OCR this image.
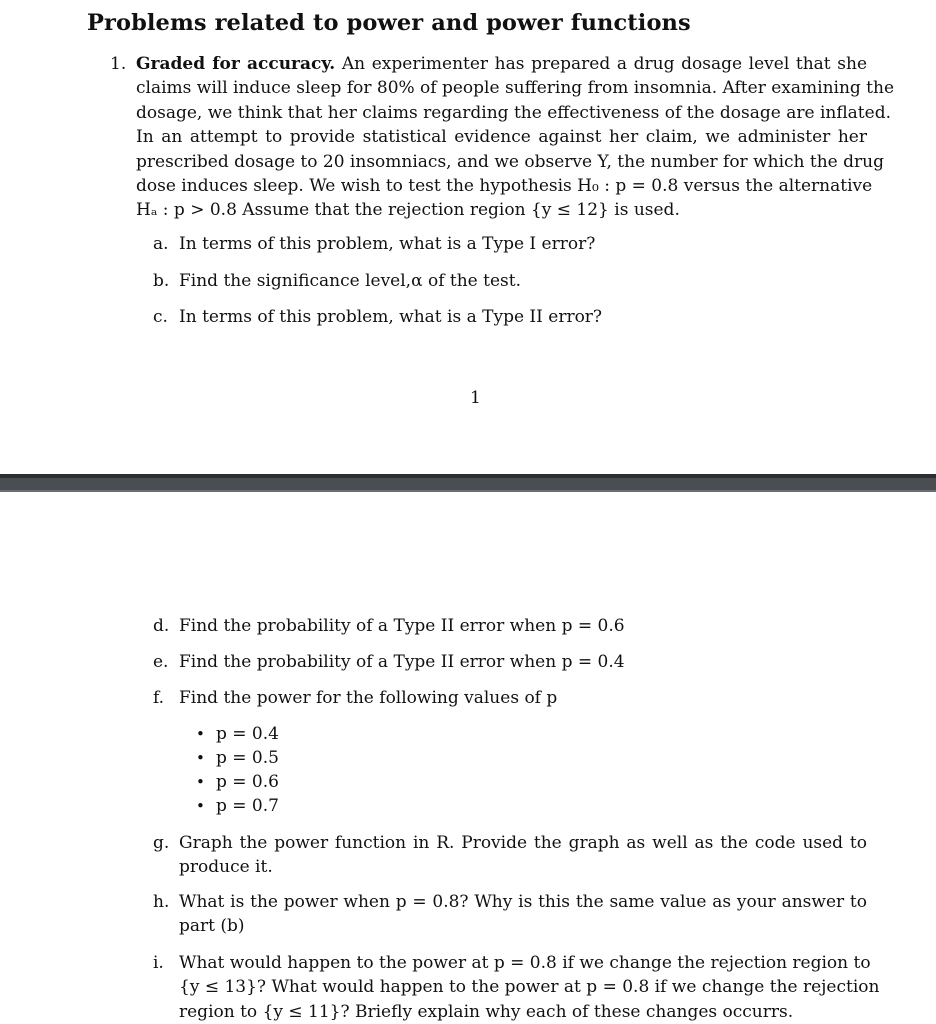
Problems related to power and power functions
1. Graded for accuracy. An experimenter has prepared a drug dosage level that she
claims will induce sleep for 80% of people suffering from insomnia. After examining the
dosage, we think that her claims regarding the effectiveness of the dosage are inflated.
In an attempt to provide statistical evidence against her claim, we administer her
prescribed dosage to 20 insomniacs, and we observe Y, the number for which the drug
dose induces sleep. We wish to test the hypothesis H₀ : p = 0.8 versus the alternative
Hₐ : p > 0.8 Assume that the rejection region {y ≤ 12} is used.
a. In terms of this problem, what is a Type I error?
b. Find the significance level,α of the test.
c. In terms of this problem, what is a Type II error?
1
d. Find the probability of a Type II error when p = 0.6
e. Find the probability of a Type II error when p = 0.4
f. Find the power for the following values of p
• p = 0.4
• p = 0.5
• p = 0.6
• p = 0.7
g. Graph the power function in R. Provide the graph as well as the code used to
produce it.
h. What is the power when p = 0.8? Why is this the same value as your answer to
part (b)
i. What would happen to the power at p = 0.8 if we change the rejection region to
{y ≤ 13}? What would happen to the power at p = 0.8 if we change the rejection
region to {y ≤ 11}? Briefly explain why each of these changes occurrs.
